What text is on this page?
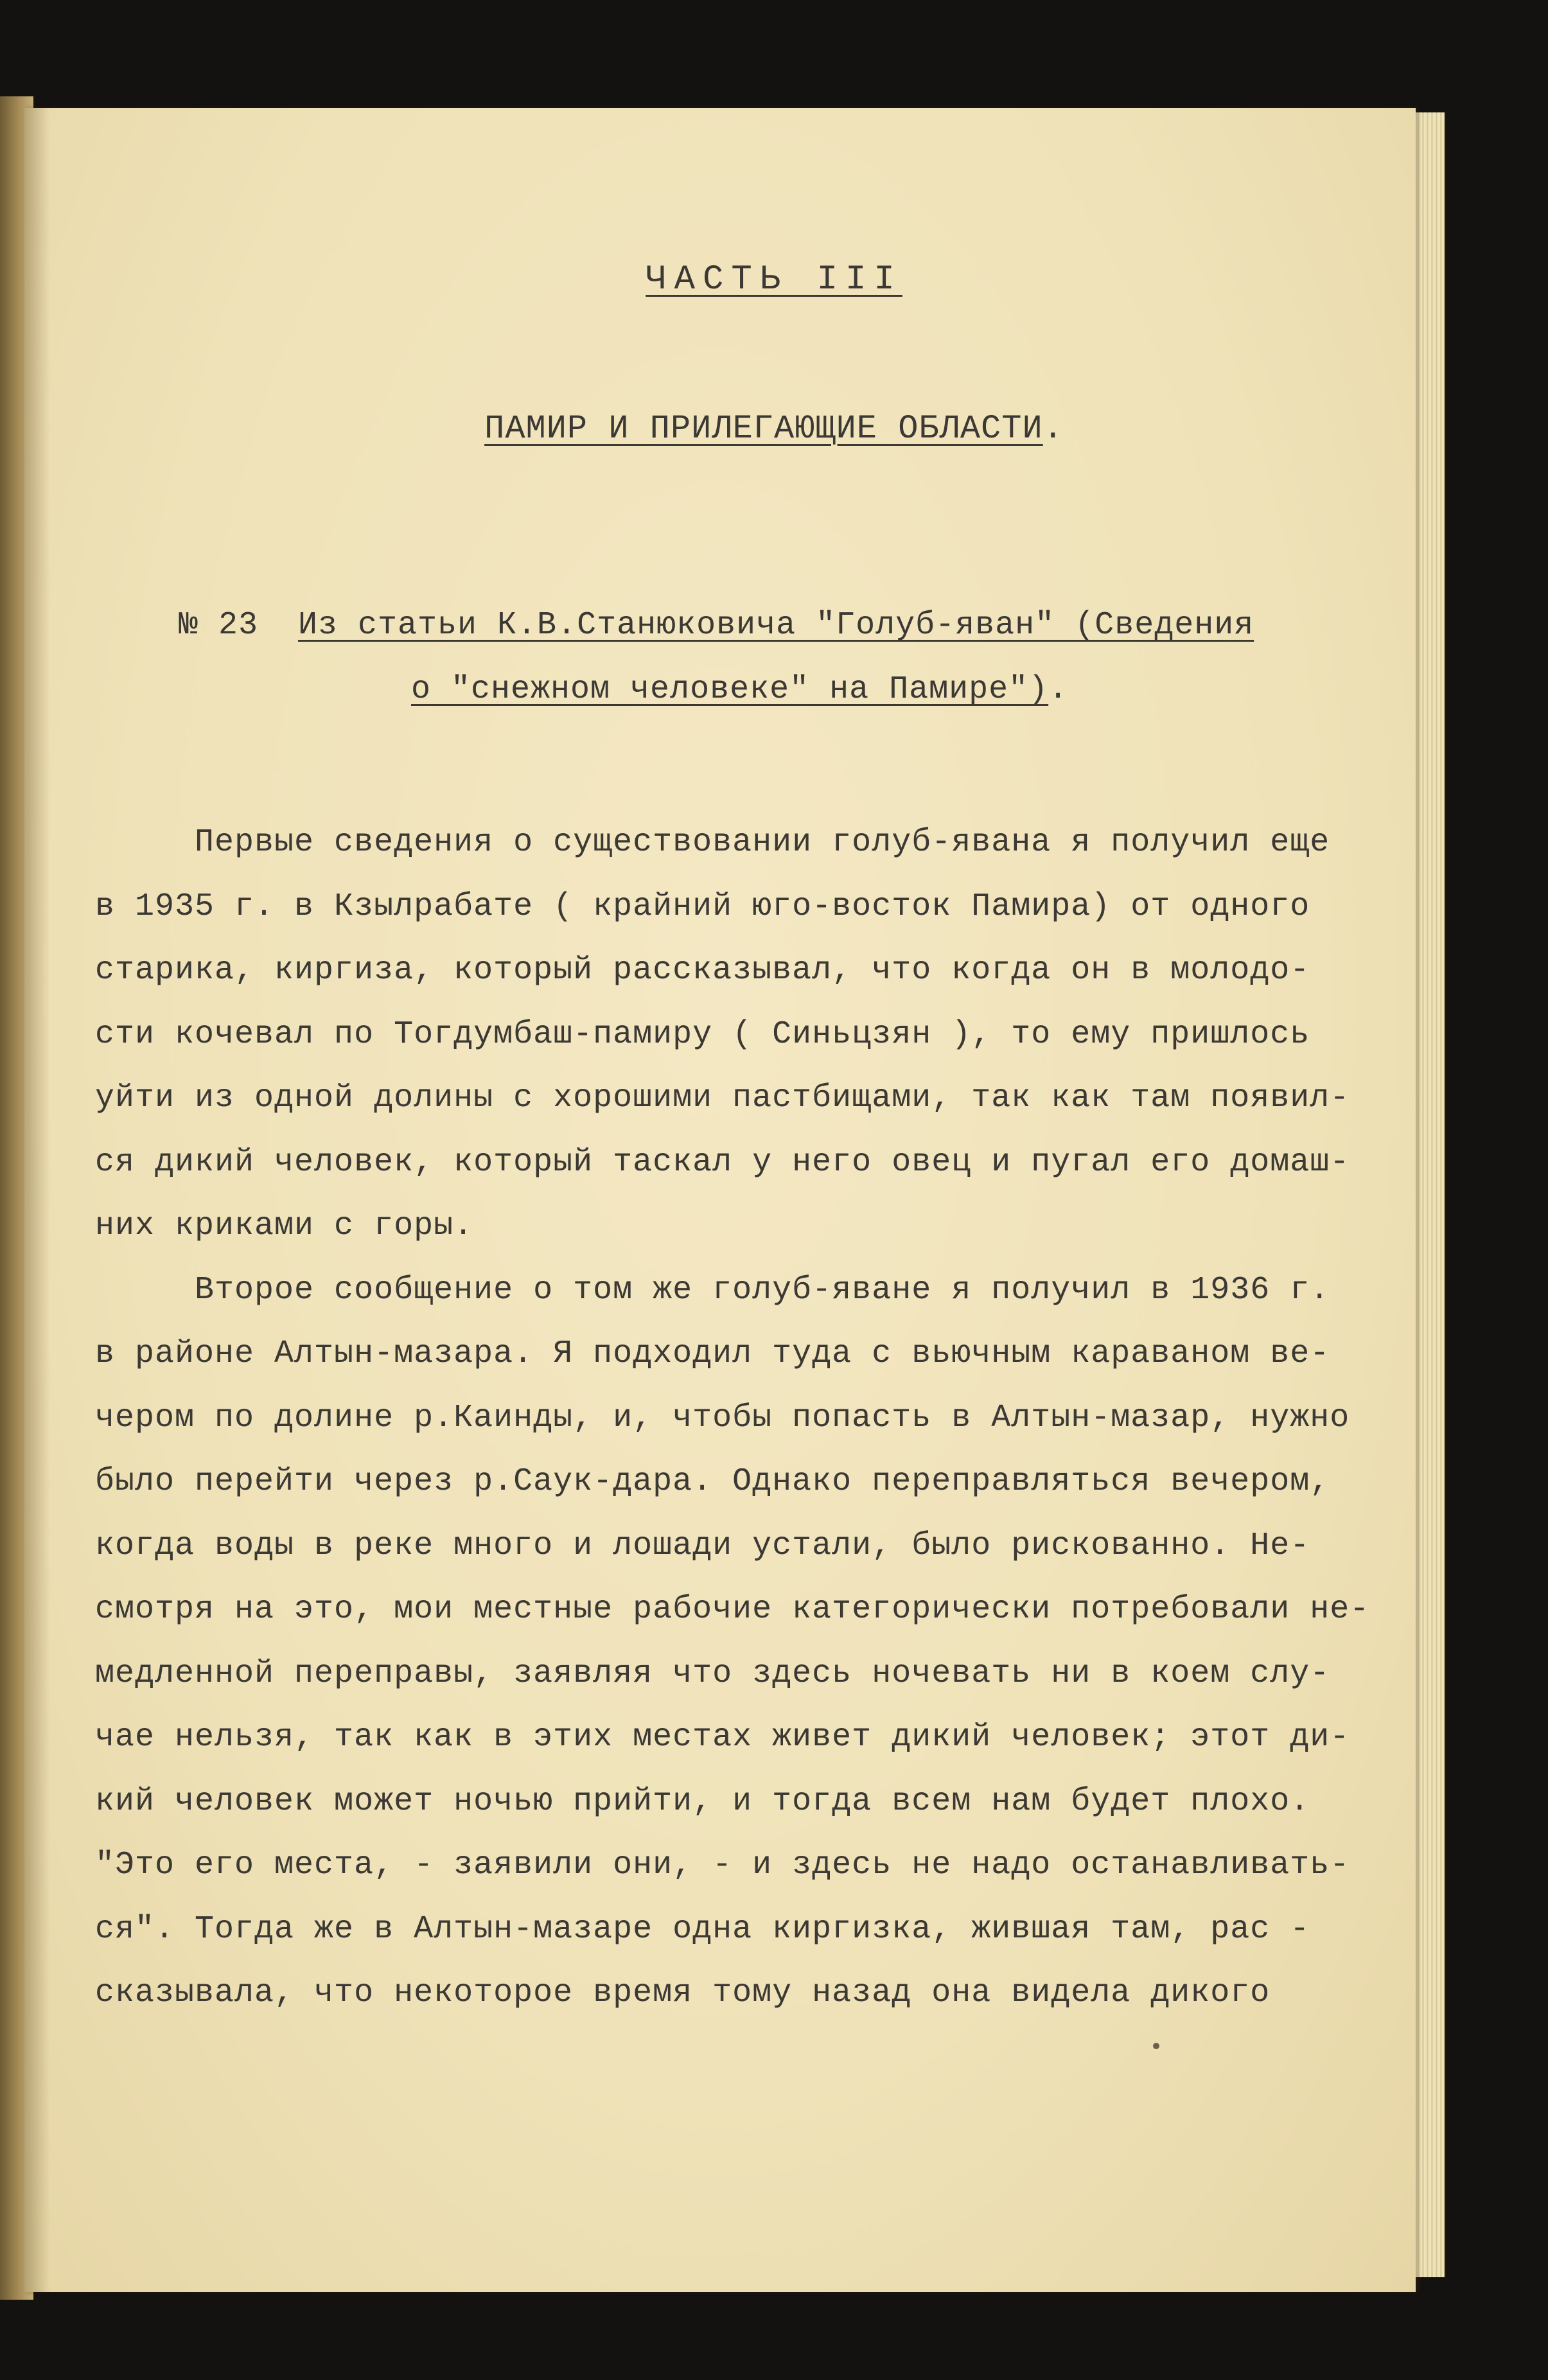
ЧАСТЬ III
ПАМИР И ПРИЛЕГАЮЩИЕ ОБЛАСТИ.
№ 23 Из статьи К.В.Станюковича "Голуб-яван" (Сведения
о "снежном человеке" на Памире").
Первые сведения о существовании голуб-явана я получил еще
в 1935 г. в Кзылрабате ( крайний юго-восток Памира) от одного
старика, киргиза, который рассказывал, что когда он в молодо-
сти кочевал по Тогдумбаш-памиру ( Синьцзян ), то ему пришлось
уйти из одной долины с хорошими пастбищами, так как там появил-
ся дикий человек, который таскал у него овец и пугал его домаш-
них криками с горы.
Второе сообщение о том же голуб-яване я получил в 1936 г.
в районе Алтын-мазара. Я подходил туда с вьючным караваном ве-
чером по долине р.Каинды, и, чтобы попасть в Алтын-мазар, нужно
было перейти через р.Саук-дара. Однако переправляться вечером,
когда воды в реке много и лошади устали, было рискованно. Не-
смотря на это, мои местные рабочие категорически потребовали не-
медленной переправы, заявляя что здесь ночевать ни в коем слу-
чае нельзя, так как в этих местах живет дикий человек; этот ди-
кий человек может ночью прийти, и тогда всем нам будет плохо.
"Это его места, - заявили они, - и здесь не надо останавливать-
ся". Тогда же в Алтын-мазаре одна киргизка, жившая там, рас -
сказывала, что некоторое время тому назад она видела дикого
